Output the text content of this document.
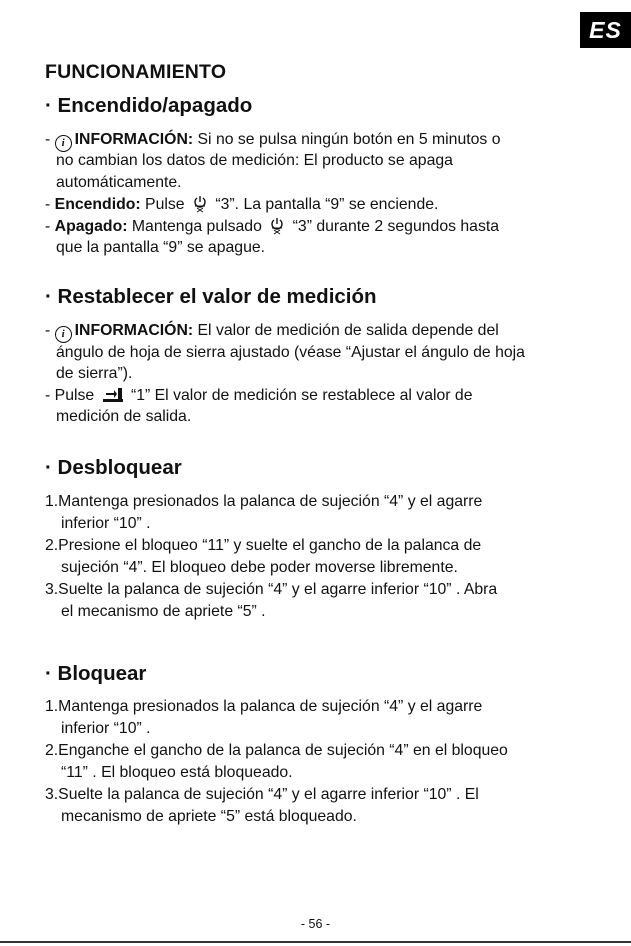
ES
FUNCIONAMIENTO
· Encendido/apagado
- i INFORMACIÓN: Si no se pulsa ningún botón en 5 minutos o
no cambian los datos de medición: El producto se apaga
automáticamente.
- Encendido: Pulse  “3”. La pantalla “9” se enciende.
- Apagado: Mantenga pulsado  “3” durante 2 segundos hasta
que la pantalla “9” se apague.
· Restablecer el valor de medición
- i INFORMACIÓN: El valor de medición de salida depende del
ángulo de hoja de sierra ajustado (véase “Ajustar el ángulo de hoja
de sierra”).
- Pulse  “1” El valor de medición se restablece al valor de
medición de salida.
· Desbloquear
1.Mantenga presionados la palanca de sujeción “4” y el agarre
inferior “10” .
2.Presione el bloqueo “11” y suelte el gancho de la palanca de
sujeción “4”. El bloqueo debe poder moverse libremente.
3.Suelte la palanca de sujeción “4” y el agarre inferior “10” . Abra
el mecanismo de apriete “5” .
· Bloquear
1.Mantenga presionados la palanca de sujeción “4” y el agarre
inferior “10” .
2.Enganche el gancho de la palanca de sujeción “4” en el bloqueo
“11” . El bloqueo está bloqueado.
3.Suelte la palanca de sujeción “4” y el agarre inferior “10” . El
mecanismo de apriete “5” está bloqueado.
- 56 -
